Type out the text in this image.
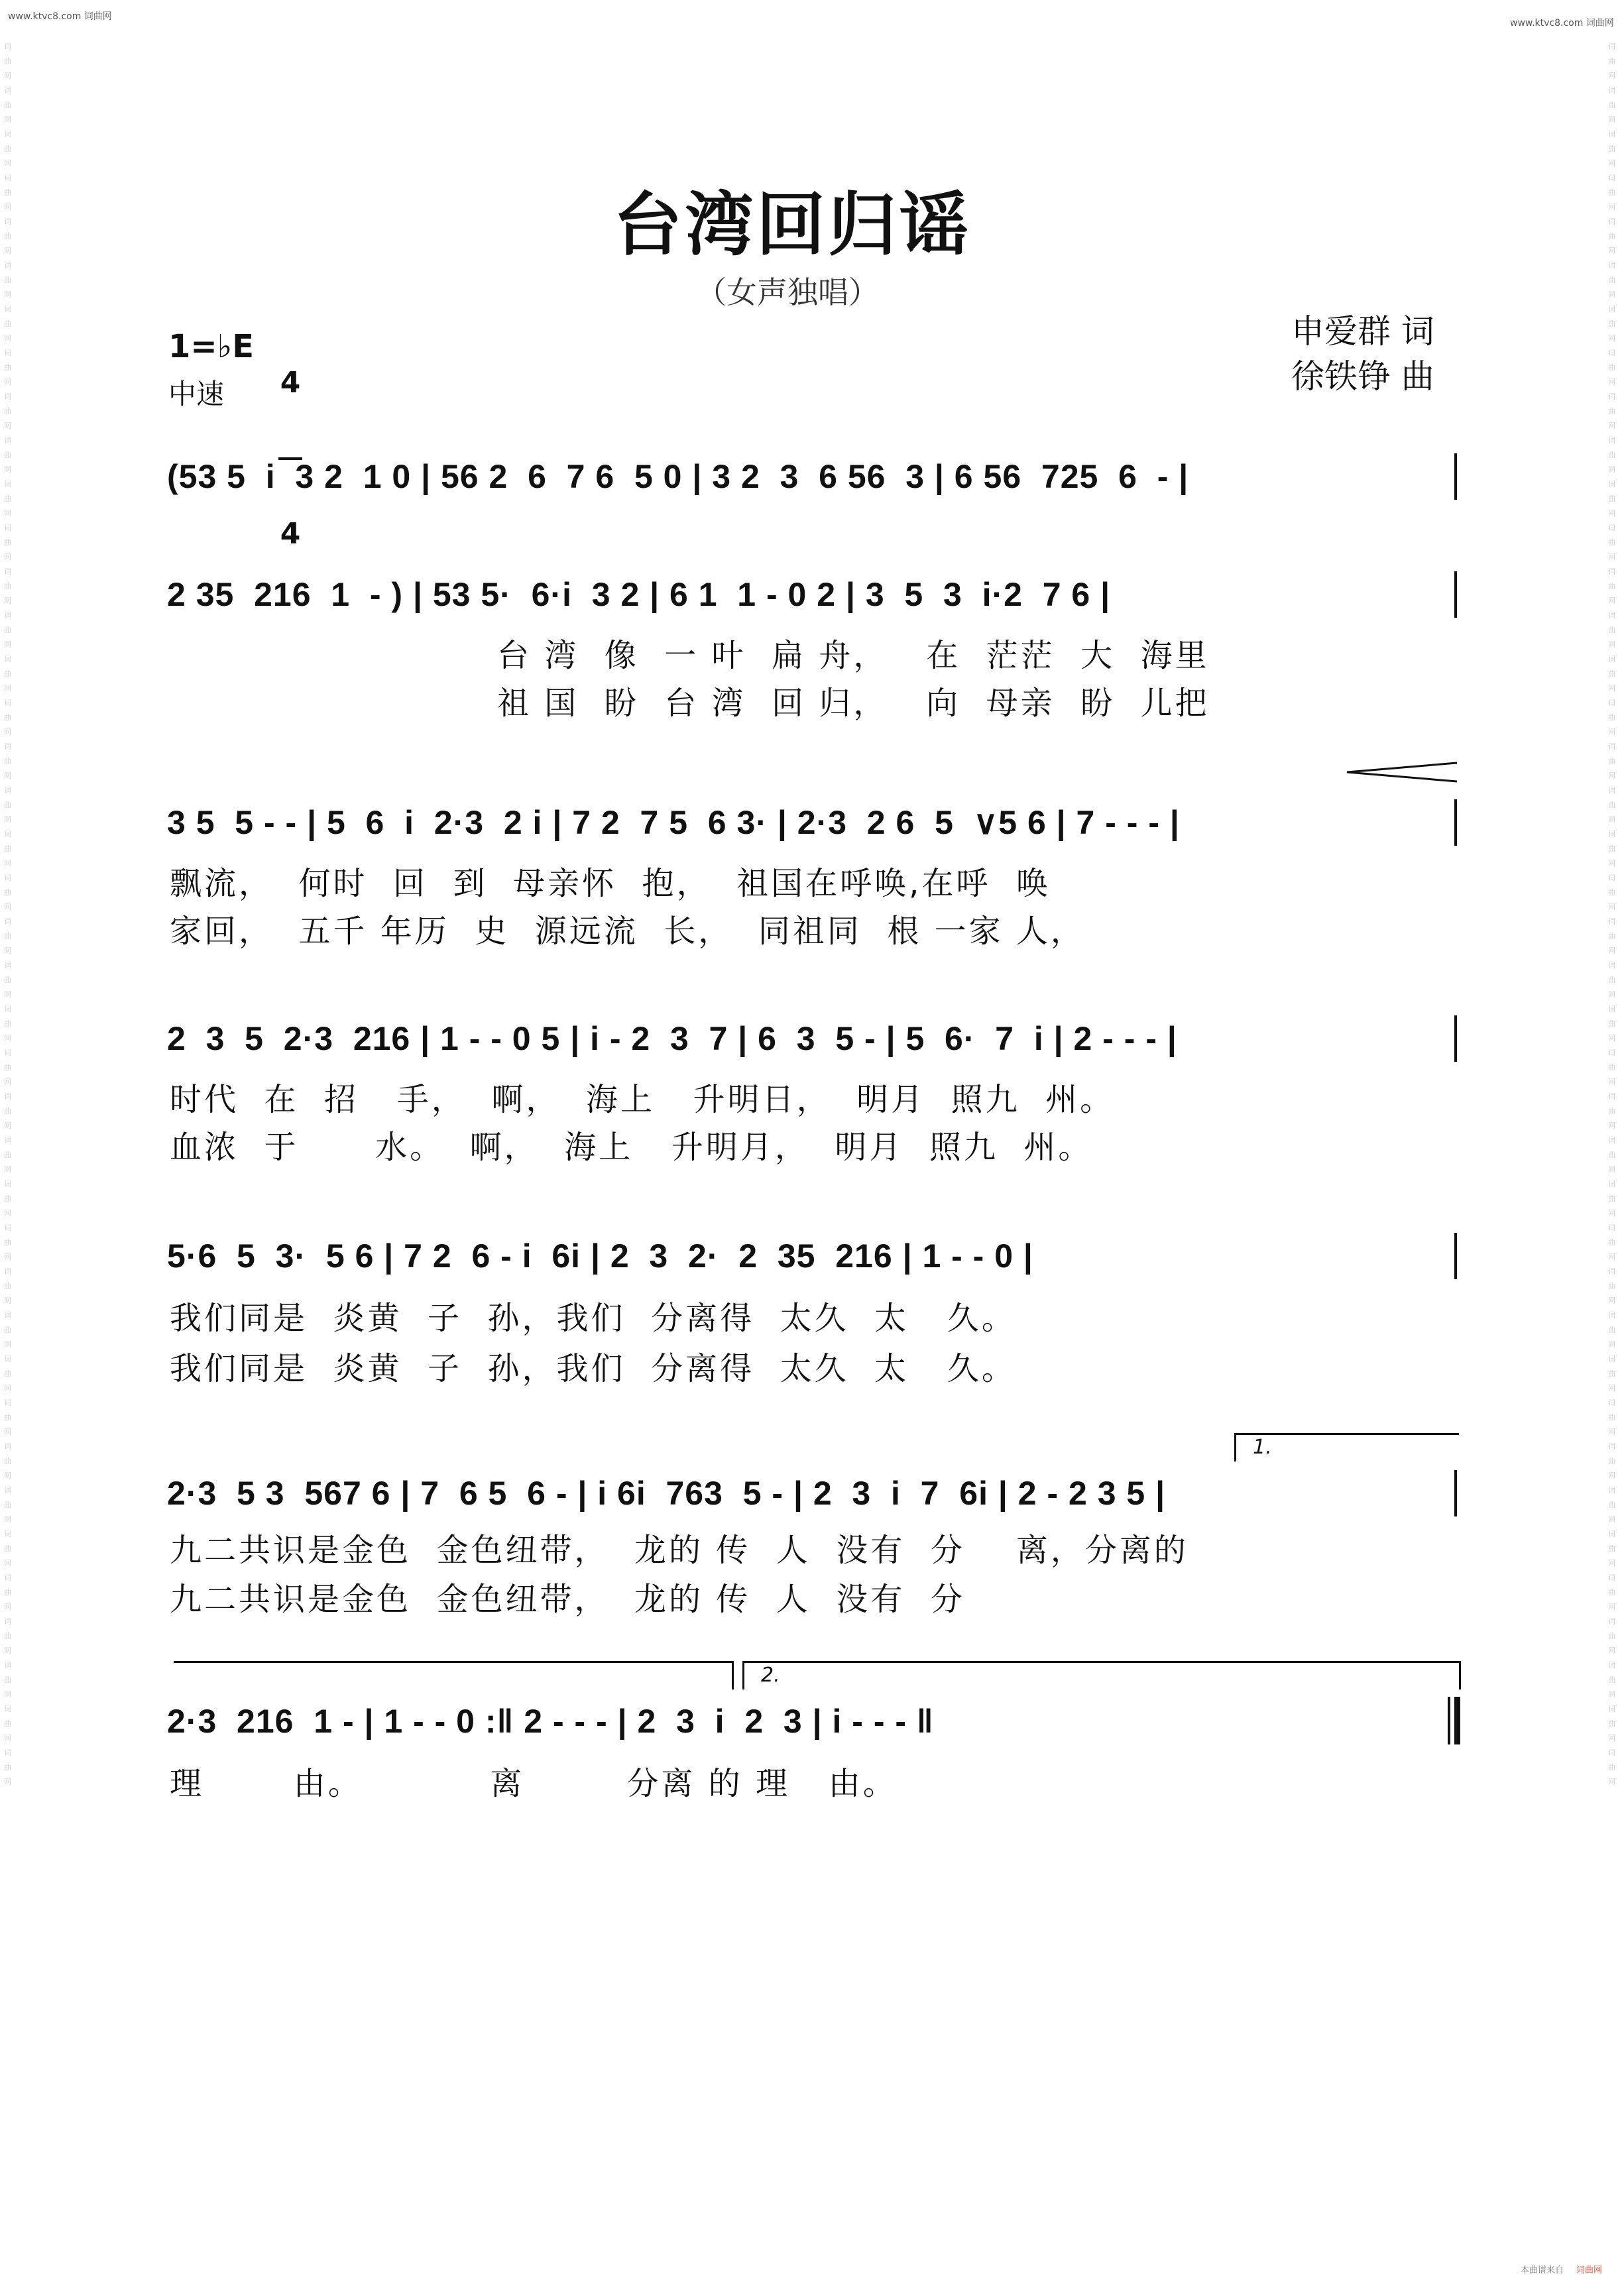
词曲网 词曲网 词曲网 词曲网 词曲网 词曲网 词曲网 词曲网 词曲网 词曲网 词曲网 词曲网 词曲网 词曲网 词曲网 词曲网 词曲网 词曲网 词曲网 词曲网 词曲网 词曲网 词曲网 词曲网 词曲网 词曲网 词曲网 词曲网 词曲网 词曲网 词曲网 词曲网 词曲网 词曲网 词曲网 词曲网 词曲网 词曲网 词曲网 词曲网
词曲网 词曲网 词曲网 词曲网 词曲网 词曲网 词曲网 词曲网 词曲网 词曲网 词曲网 词曲网 词曲网 词曲网 词曲网 词曲网 词曲网 词曲网 词曲网 词曲网 词曲网 词曲网 词曲网 词曲网 词曲网 词曲网 词曲网 词曲网 词曲网 词曲网 词曲网 词曲网 词曲网 词曲网 词曲网 词曲网 词曲网 词曲网 词曲网 词曲网
www.ktvc8.com 词曲网
www.ktvc8.com 词曲网
台湾回归谣
（女声独唱）
申爱群 词
徐铁铮 曲
1=♭E

4

4

中速
(53 5  i  3 2  1 0 | 56 2  6  7 6  5 0 | 3 2  3  6 56  3 | 6 56  725  6  - |
2 35  216  1  - ) | 53 5·  6·i  3 2 | 6 1  1 - 0 2 | 3  5  3  i·2  7 6 |
台 湾  像  一 叶  扁 舟，   在  茫茫  大  海里
祖 国  盼  台 湾  回 归，   向  母亲  盼  儿把
3 5  5 - - | 5  6  i  2·3  2 i | 7 2  7 5  6 3· | 2·3  2 6  5  ∨5 6 | 7 - - - |
飘流，  何时  回  到  母亲怀  抱，  祖国在呼唤,在呼  唤
家回，  五千 年历  史  源远流  长，  同祖同  根 一家 人，
2  3  5  2·3  216 | 1 - - 0 5 | i - 2  3  7 | 6  3  5 - | 5  6·  7  i | 2 - - - |
时代  在  招   手，  啊，  海上   升明日，  明月  照九  州。
血浓  于      水。  啊，  海上   升明月，  明月  照九  州。
5·6  5  3·  5 6 | 7 2  6 - i  6i | 2  3  2·  2  35  216 | 1 - - 0 |
我们同是  炎黄  子  孙，我们  分离得  太久  太   久。
我们同是  炎黄  子  孙，我们  分离得  太久  太   久。
1.
2·3  5 3  567 6 | 7  6 5  6 - | i 6i  763  5 - | 2  3  i  7  6i | 2 - 2 3 5 |
九二共识是金色  金色纽带，  龙的 传  人  没有  分    离，分离的
九二共识是金色  金色纽带，  龙的 传  人  没有  分
2.
2·3  216  1 - | 1 - - 0 :‖ 2 - - - | 2  3  i  2  3 | i - - - ‖
理       由。          离        分离 的 理   由。
本曲谱来自 词曲网
